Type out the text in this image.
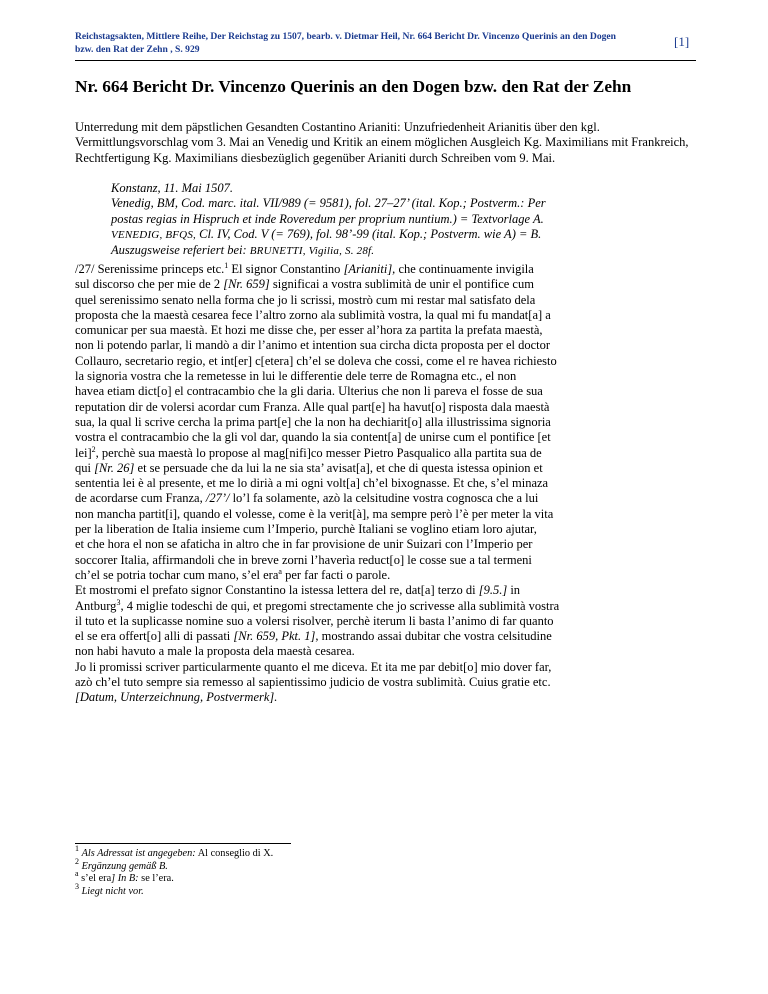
Reichstagsakten, Mittlere Reihe, Der Reichstag zu 1507, bearb. v. Dietmar Heil, Nr. 664 Bericht Dr. Vincenzo Querinis an den Dogen bzw. den Rat der Zehn , S. 929
[1]
Nr. 664 Bericht Dr. Vincenzo Querinis an den Dogen bzw. den Rat der Zehn
Unterredung mit dem päpstlichen Gesandten Costantino Arianiti: Unzufriedenheit Arianitis über den kgl. Vermittlungsvorschlag vom 3. Mai an Venedig und Kritik an einem möglichen Ausgleich Kg. Maximilians mit Frankreich, Rechtfertigung Kg. Maximilians diesbezüglich gegenüber Arianiti durch Schreiben vom 9. Mai.
Konstanz, 11. Mai 1507.
Venedig, BM, Cod. marc. ital. VII/989 (= 9581), fol. 27–27’ (ital. Kop.; Postverm.: Per
postas regias in Hispruch et inde Roveredum per proprium nuntium.) = Textvorlage A.
VENEDIG, BFQS, Cl. IV, Cod. V (= 769), fol. 98’-99 (ital. Kop.; Postverm. wie A) = B.
Auszugsweise referiert bei: BRUNETTI, Vigilia, S. 28f.
/27/ Serenissime princeps etc.$^1$ El signor Constantino [Arianiti], che continuamente invigila
sul discorso che per mie de 2 [Nr. 659] significai a vostra sublimità de unir el pontifice cum
quel serenissimo senato nella forma che jo li scrissi, mostrò cum mi restar mal satisfato dela
proposta che la maestà cesarea fece l’altro zorno ala sublimità vostra, la qual mi fu mandat[a] a
comunicar per sua maestà. Et hozi me disse che, per esser al’hora za partita la prefata maestà,
non li potendo parlar, li mandò a dir l’animo et intention sua circha dicta proposta per el doctor
Collauro, secretario regio, et int[er] c[etera] ch’el se doleva che cossi, come el re havea richiesto
la signoria vostra che la remetesse in lui le differentie dele terre de Romagna etc., el non
havea etiam dict[o] el contracambio che la gli daria. Ulterius che non li pareva el fosse de sua
reputation dir de volersi acordar cum Franza. Alle qual part[e] ha havut[o] risposta dala maestà
sua, la qual li scrive cercha la prima part[e] che la non ha dechiarit[o] alla illustrissima signoria
vostra el contracambio che la gli vol dar, quando la sia content[a] de unirse cum el pontifice [et
lei]$^2$, perchè sua maestà lo propose al mag[nifi]co messer Pietro Pasqualico alla partita sua de
qui [Nr. 26] et se persuade che da lui la ne sia sta’ avisat[a], et che di questa istessa opinion et
sententia lei è al presente, et me lo dirià a mi ogni volt[a] ch’el bixognasse. Et che, s’el minaza
de acordarse cum Franza, /27’/ lo’l fa solamente, azò la celsitudine vostra cognosca che a lui
non mancha partit[i], quando el volesse, come è la verit[à], ma sempre però l’è per meter la vita
per la liberation de Italia insieme cum l’Imperio, purchè Italiani se voglino etiam loro ajutar,
et che hora el non se afaticha in altro che in far provisione de unir Suizari con l’Imperio per
soccorer Italia, affirmandoli che in breve zorni l’haverìa reduct[o] le cosse sue a tal termeni
ch’el se potria tochar cum mano, s’el era$^a$ per far facti o parole.
Et mostromi el prefato signor Constantino la istessa lettera del re, dat[a] terzo di [9.5.] in
Antburg$^3$, 4 miglie todeschi de qui, et pregomi strectamente che jo scrivesse alla sublimità vostra
il tuto et la suplicasse nomine suo a volersi risolver, perchè iterum li basta l’animo di far quanto
el se era offert[o] alli di passati [Nr. 659, Pkt. 1], mostrando assai dubitar che vostra celsitudine
non habi havuto a male la proposta dela maestà cesarea.
Jo li promissi scriver particularmente quanto el me diceva. Et ita me par debit[o] mio dover far,
azò ch’el tuto sempre sia remesso al sapientissimo judicio de vostra sublimità. Cuius gratie etc.
[Datum, Unterzeichnung, Postvermerk].
$^1$ Als Adressat ist angegeben: Al conseglio di X.
$^2$ Ergänzung gemäß B.
$^a$ s’el era] In B: se l’era.
$^3$ Liegt nicht vor.
